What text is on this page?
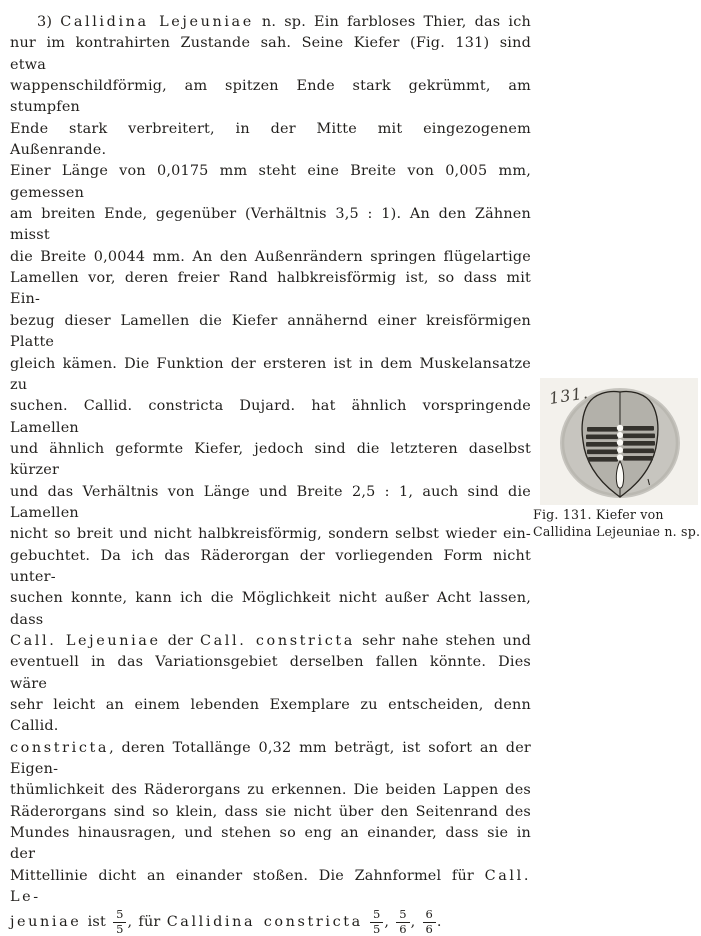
3) Callidina Lejeuniae n. sp. Ein farbloses Thier, das ich
nur im kontrahirten Zustande sah. Seine Kiefer (Fig. 131) sind etwa
wappenschildförmig, am spitzen Ende stark gekrümmt, am stumpfen
Ende stark verbreitert, in der Mitte mit eingezogenem Außenrande.
Einer Länge von 0,0175 mm steht eine Breite von 0,005 mm, gemessen
am breiten Ende, gegenüber (Verhältnis 3,5 : 1). An den Zähnen misst
die Breite 0,0044 mm. An den Außenrändern springen flügelartige
Lamellen vor, deren freier Rand halbkreisförmig ist, so dass mit Ein-
bezug dieser Lamellen die Kiefer annähernd einer kreisförmigen Platte
gleich kämen. Die Funktion der ersteren ist in dem Muskelansatze zu
suchen. Callid. constricta Dujard. hat ähnlich vorspringende Lamellen
und ähnlich geformte Kiefer, jedoch sind die letzteren daselbst kürzer
und das Verhältnis von Länge und Breite 2,5 : 1, auch sind die Lamellen
nicht so breit und nicht halbkreisförmig, sondern selbst wieder ein-
gebuchtet. Da ich das Räderorgan der vorliegenden Form nicht unter-
suchen konnte, kann ich die Möglichkeit nicht außer Acht lassen, dass
Call. Lejeuniae der Call. constricta sehr nahe stehen und
eventuell in das Variationsgebiet derselben fallen könnte. Dies wäre
sehr leicht an einem lebenden Exemplare zu entscheiden, denn Callid.
constricta, deren Totallänge 0,32 mm beträgt, ist sofort an der Eigen-
thümlichkeit des Räderorgans zu erkennen. Die beiden Lappen des
Räderorgans sind so klein, dass sie nicht über den Seitenrand des
Mundes hinausragen, und stehen so eng an einander, dass sie in der
Mittellinie dicht an einander stoßen. Die Zahnformel für Call. Le-
jeuniae ist $\frac{5}{5}$ , für Callidina constricta $\frac{5}{5}$ , $\frac{5}{6}$ , $\frac{6}{6}$ .
131.
Fig. 131. Kiefer von
Callidina Lejeuniae n. sp.
